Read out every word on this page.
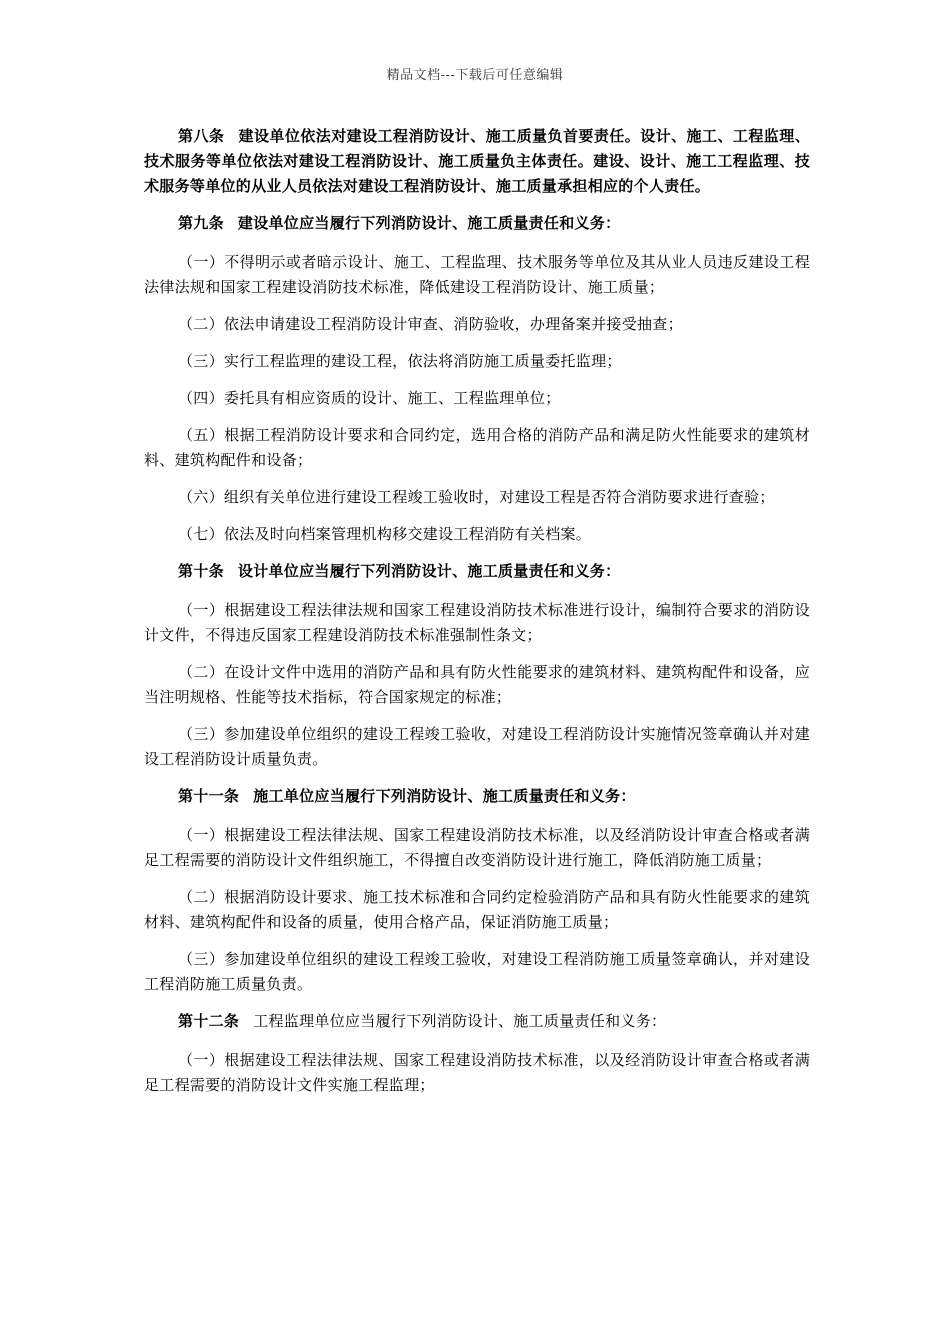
精品文档---下载后可任意编辑

第八条 建设单位依法对建设工程消防设计、施工质量负首要责任。设计、施工、工程监理、技术服务等单位依法对建设工程消防设计、施工质量负主体责任。建设、设计、施工工程监理、技术服务等单位的从业人员依法对建设工程消防设计、施工质量承担相应的个人责任。

第九条 建设单位应当履行下列消防设计、施工质量责任和义务：

（一）不得明示或者暗示设计、施工、工程监理、技术服务等单位及其从业人员违反建设工程法律法规和国家工程建设消防技术标准，降低建设工程消防设计、施工质量；

（二）依法申请建设工程消防设计审查、消防验收，办理备案并接受抽查；

（三）实行工程监理的建设工程，依法将消防施工质量委托监理；

（四）委托具有相应资质的设计、施工、工程监理单位；

（五）根据工程消防设计要求和合同约定，选用合格的消防产品和满足防火性能要求的建筑材料、建筑构配件和设备；

（六）组织有关单位进行建设工程竣工验收时，对建设工程是否符合消防要求进行查验；

（七）依法及时向档案管理机构移交建设工程消防有关档案。

第十条 设计单位应当履行下列消防设计、施工质量责任和义务：

（一）根据建设工程法律法规和国家工程建设消防技术标准进行设计，编制符合要求的消防设计文件，不得违反国家工程建设消防技术标准强制性条文；

（二）在设计文件中选用的消防产品和具有防火性能要求的建筑材料、建筑构配件和设备，应当注明规格、性能等技术指标，符合国家规定的标准；

（三）参加建设单位组织的建设工程竣工验收，对建设工程消防设计实施情况签章确认并对建设工程消防设计质量负责。

第十一条 施工单位应当履行下列消防设计、施工质量责任和义务：

（一）根据建设工程法律法规、国家工程建设消防技术标准，以及经消防设计审查合格或者满足工程需要的消防设计文件组织施工，不得擅自改变消防设计进行施工，降低消防施工质量；

（二）根据消防设计要求、施工技术标准和合同约定检验消防产品和具有防火性能要求的建筑材料、建筑构配件和设备的质量，使用合格产品，保证消防施工质量；

（三）参加建设单位组织的建设工程竣工验收，对建设工程消防施工质量签章确认，并对建设工程消防施工质量负责。

第十二条 工程监理单位应当履行下列消防设计、施工质量责任和义务：

（一）根据建设工程法律法规、国家工程建设消防技术标准，以及经消防设计审查合格或者满足工程需要的消防设计文件实施工程监理；
